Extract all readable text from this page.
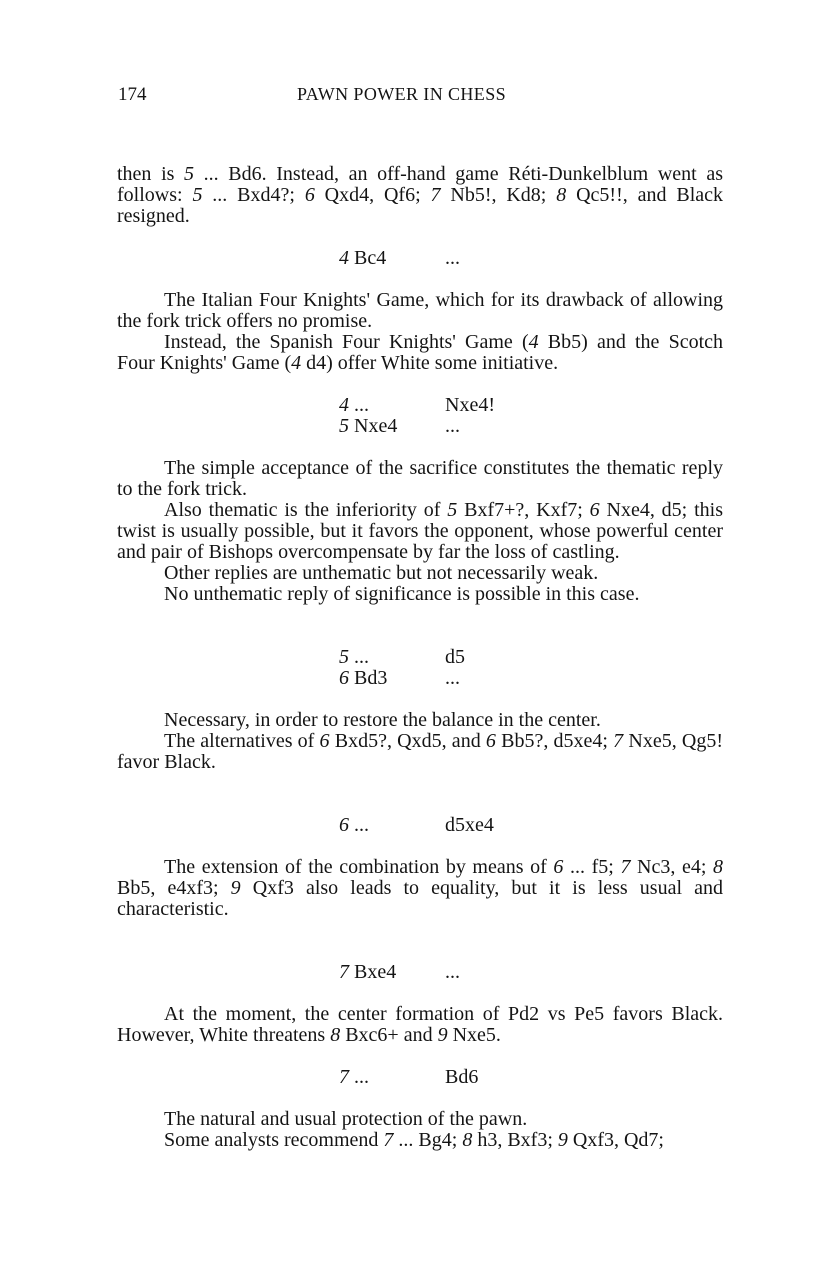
174	PAWN POWER IN CHESS

then is 5 ... Bd6. Instead, an off-hand game Réti-Dunkelblum went as follows: 5 ... Bxd4?; 6 Qxd4, Qf6; 7 Nb5!, Kd8; 8 Qc5!!, and Black resigned.

4 Bc4	...

The Italian Four Knights' Game, which for its drawback of allowing the fork trick offers no promise.

Instead, the Spanish Four Knights' Game (4 Bb5) and the Scotch Four Knights' Game (4 d4) offer White some initiative.

4 ...	Nxe4!
5 Nxe4 ...

The simple acceptance of the sacrifice constitutes the thematic reply to the fork trick.

Also thematic is the inferiority of 5 Bxf7+?, Kxf7; 6 Nxe4, d5; this twist is usually possible, but it favors the opponent, whose powerful center and pair of Bishops overcompensate by far the loss of castling.

Other replies are unthematic but not necessarily weak.

No unthematic reply of significance is possible in this case.

5 ...	d5
6 Bd3	...

Necessary, in order to restore the balance in the center.

The alternatives of 6 Bxd5?, Qxd5, and 6 Bb5?, d5xe4; 7 Nxe5, Qg5! favor Black.

6 ...	d5xe4

The extension of the combination by means of 6 ... f5; 7 Nc3, e4; 8 Bb5, e4xf3; 9 Qxf3 also leads to equality, but it is less usual and characteristic.

7 Bxe4 ...

At the moment, the center formation of Pd2 vs Pe5 favors Black. However, White threatens 8 Bxc6+ and 9 Nxe5.

7 ...	Bd6

The natural and usual protection of the pawn.

Some analysts recommend 7 ... Bg4; 8 h3, Bxf3; 9 Qxf3, Qd7;
